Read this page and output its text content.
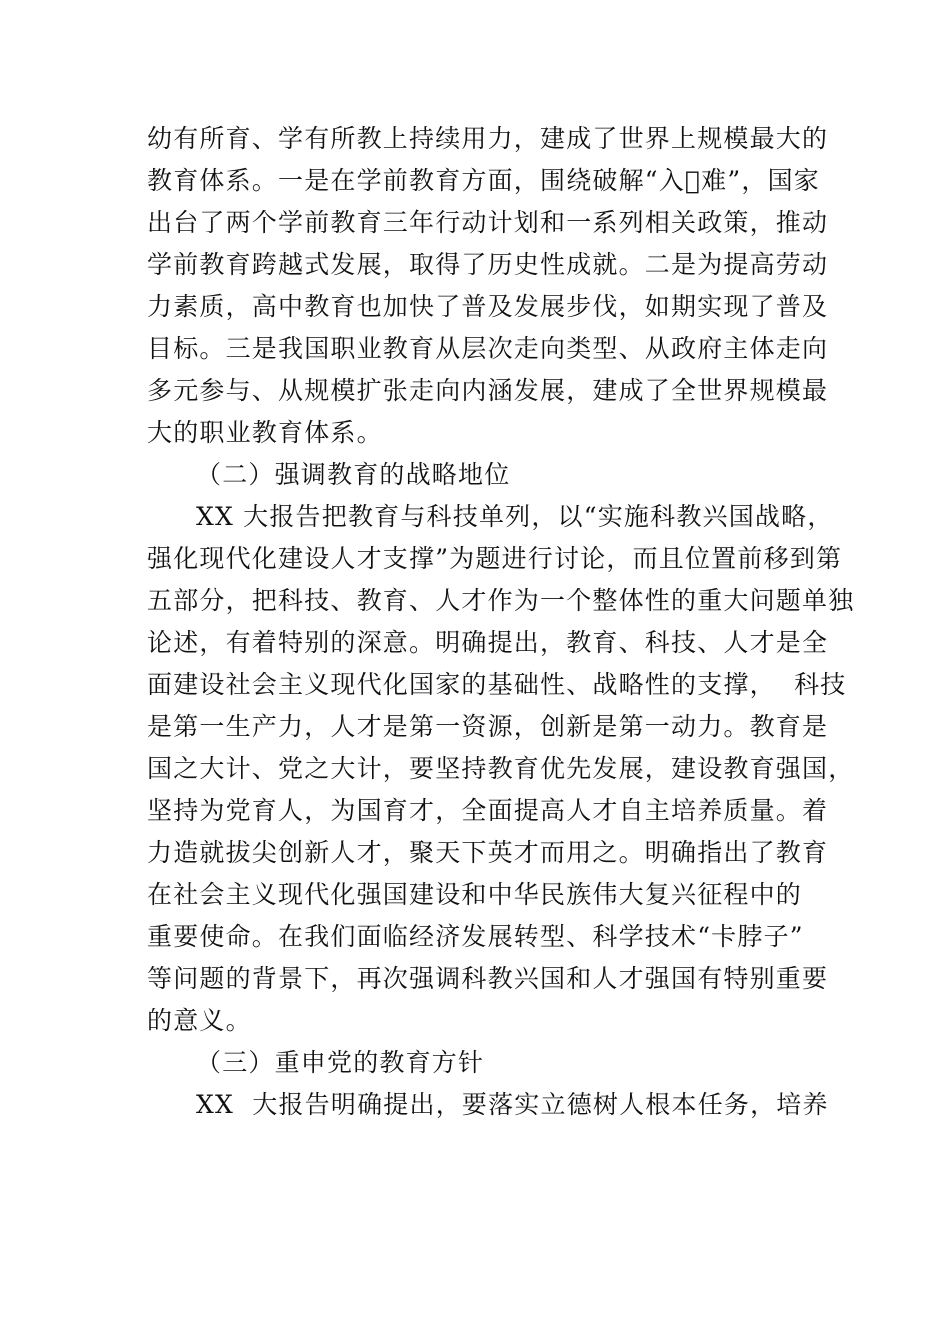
幼有所育、学有所教上持续用力，建成了世界上规模最大的
教育体系。一是在学前教育方面，围绕破解“入𫙅难”，国家
出台了两个学前教育三年行动计划和一系列相关政策，推动
学前教育跨越式发展，取得了历史性成就。二是为提高劳动
力素质，高中教育也加快了普及发展步伐，如期实现了普及
目标。三是我国职业教育从层次走向类型、从政府主体走向
多元参与、从规模扩张走向内涵发展，建成了全世界规模最
大的职业教育体系。
（二）强调教育的战略地位
XX 大报告把教育与科技单列，以“实施科教兴国战略，
强化现代化建设人才支撑”为题进行讨论，而且位置前移到第
五部分，把科技、教育、人才作为一个整体性的重大问题单独
论述，有着特别的深意。明确提出，教育、科技、人才是全
面建设社会主义现代化国家的基础性、战略性的支撑，  科技
是第一生产力，人才是第一资源，创新是第一动力。教育是
国之大计、党之大计，要坚持教育优先发展，建设教育强国，
坚持为党育人，为国育才，全面提高人才自主培养质量。着
力造就拔尖创新人才，聚天下英才而用之。明确指出了教育
在社会主义现代化强国建设和中华民族伟大复兴征程中的
重要使命。在我们面临经济发展转型、科学技术“卡脖子”
等问题的背景下，再次强调科教兴国和人才强国有特别重要
的意义。
（三）重申党的教育方针
XX  大报告明确提出，要落实立德树人根本任务，培养
